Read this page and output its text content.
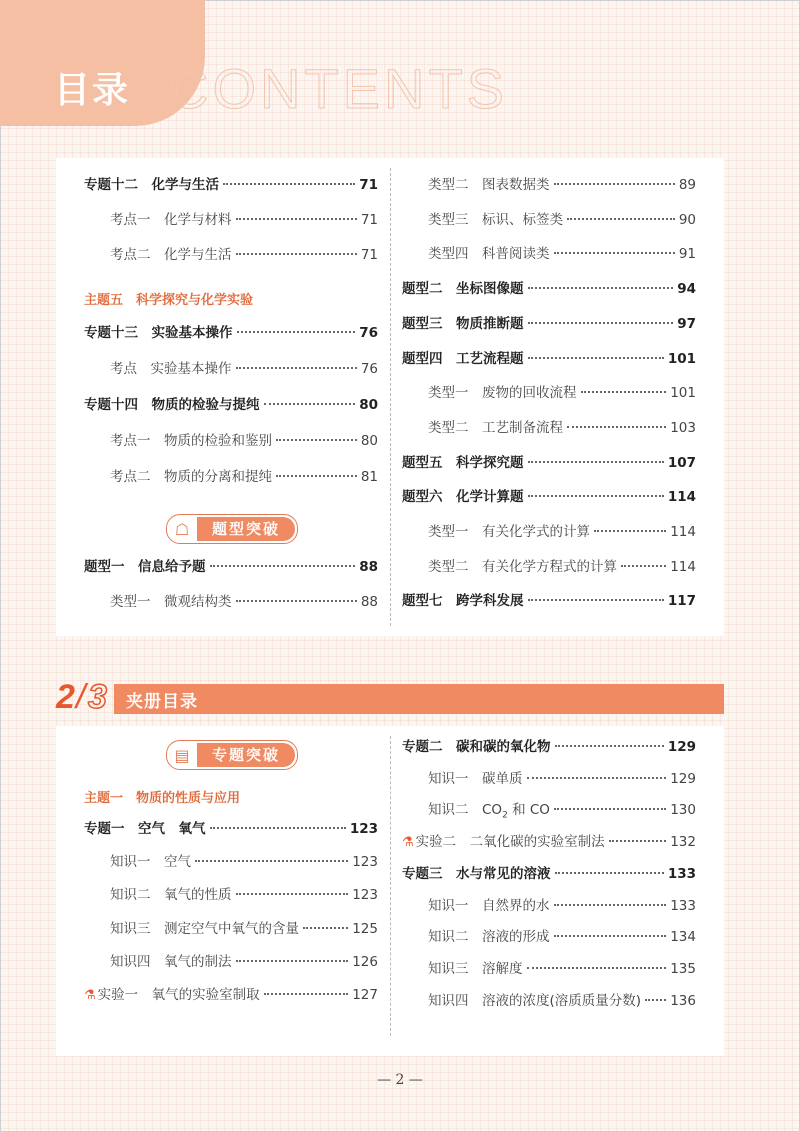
目录 CONTENTS
专题十二　化学与生活	71
考点一　化学与材料	71
考点二　化学与生活	71
专题十三　实验基本操作	76
考点　实验基本操作	76
专题十四　物质的检验与提纯	80
考点一　物质的检验和鉴别	80
考点二　物质的分离和提纯	81
题型一　信息给予题	88
类型一　微观结构类	88
类型二　图表数据类	89
类型三　标识、标签类	90
类型四　科普阅读类	91
题型二　坐标图像题	94
题型三　物质推断题	97
题型四　工艺流程题	101
类型一　废物的回收流程	101
类型二　工艺制备流程	103
题型五　科学探究题	107
题型六　化学计算题	114
类型一　有关化学式的计算	114
类型二　有关化学方程式的计算	114
题型七　跨学科发展	117
主题五　科学探究与化学实验
☖	题型突破
2 / 3 夹册目录
▤	专题突破
主题一　物质的性质与应用
专题一　空气　氧气	123
知识一　空气	123
知识二　氧气的性质	123
知识三　测定空气中氧气的含量	125
知识四　氧气的制法	126
⚗ 实验一　氧气的实验室制取	127
专题二　碳和碳的氧化物	129
知识一　碳单质	129
知识二　$CO_2$ 和 CO	130
⚗ 实验二　二氧化碳的实验室制法	132
专题三　水与常见的溶液	133
知识一　自然界的水	133
知识二　溶液的形成	134
知识三　溶解度	135
知识四　溶液的浓度(溶质质量分数) 136
— 2 —
